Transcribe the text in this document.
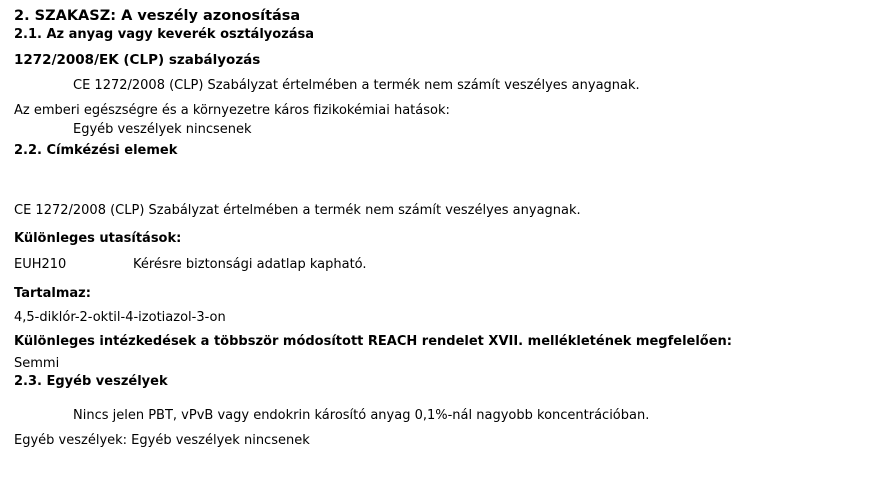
2. SZAKASZ: A veszély azonosítása
2.1. Az anyag vagy keverék osztályozása
1272/2008/EK (CLP) szabályozás
CE 1272/2008 (CLP) Szabályzat értelmében a termék nem számít veszélyes anyagnak.
Az emberi egészségre és a környezetre káros fizikokémiai hatások:
Egyéb veszélyek nincsenek
2.2. Címkézési elemek
CE 1272/2008 (CLP) Szabályzat értelmében a termék nem számít veszélyes anyagnak.
Különleges utasítások:
EUH210	Kérésre biztonsági adatlap kapható.
Tartalmaz:
4,5-diklór-2-oktil-4-izotiazol-3-on
Különleges intézkedések a többször módosított REACH rendelet XVII. mellékletének megfelelően:
Semmi
2.3. Egyéb veszélyek
Nincs jelen PBT, vPvB vagy endokrin károsító anyag 0,1%-nál nagyobb koncentrációban.
Egyéb veszélyek: Egyéb veszélyek nincsenek
